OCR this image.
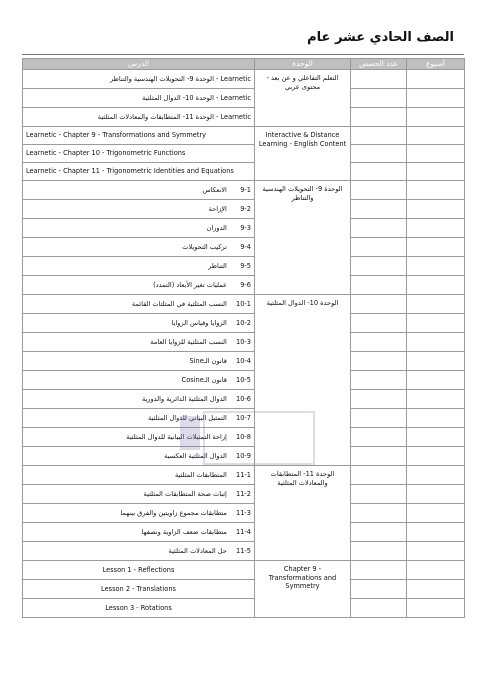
الصف الحادي عشر عام
أسبوع	عدد الحصص	الوحدة	الدرس
		التعلم التفاعلي و عن بعد - محتوى عربي	Learnetic - الوحدة 9- التحويلات الهندسية والتناظر
			Learnetic - الوحدة 10- الدوال المثلثية
			Learnetic - الوحدة 11- المتطابقات والمعادلات المثلثية
		Interactive & Distance Learning - English Content	Learnetic - Chapter 9 - Transformations and Symmetry
			Learnetic - Chapter 10 - Trigonometric Functions
			Learnetic - Chapter 11 - Trigonometric Identities and Equations
		الوحدة 9- التحويلات الهندسية والتناظر	9-1 الانعكاس
			9-2 الإزاحة
			9-3 الدوران
			9-4 تركيب التحويلات
			9-5 التناظر
			9-6 عمليات تغير الأبعاد (التمدد)
		الوحدة 10- الدوال المثلثية	10-1 النسب المثلثية في المثلثات القائمة
			10-2 الزوايا وقياس الزوايا
			10-3 النسب المثلثية للزوايا العامة
			10-4 قانون الـSine
			10-5 قانون الـCosine
			10-6 الدوال المثلثية الدائرية والدورية
			10-7 التمثيل البياني للدوال المثلثية
			10-8 إزاحة التمثيلات البيانية للدوال المثلثية
			10-9 الدوال المثلثية العكسية
		الوحدة 11- المتطابقات والمعادلات المثلثية	11-1 المتطابقات المثلثية
			11-2 إثبات صحة المتطابقات المثلثية
			11-3 متطابقات مجموع زاويتين والفرق بينهما
			11-4 متطابقات ضعف الزاوية ونصفها
			11-5 حل المعادلات المثلثية
		Chapter 9 - Transformations and Symmetry	Lesson 1 - Reflections
			Lesson 2 - Translations
			Lesson 3 - Rotations
